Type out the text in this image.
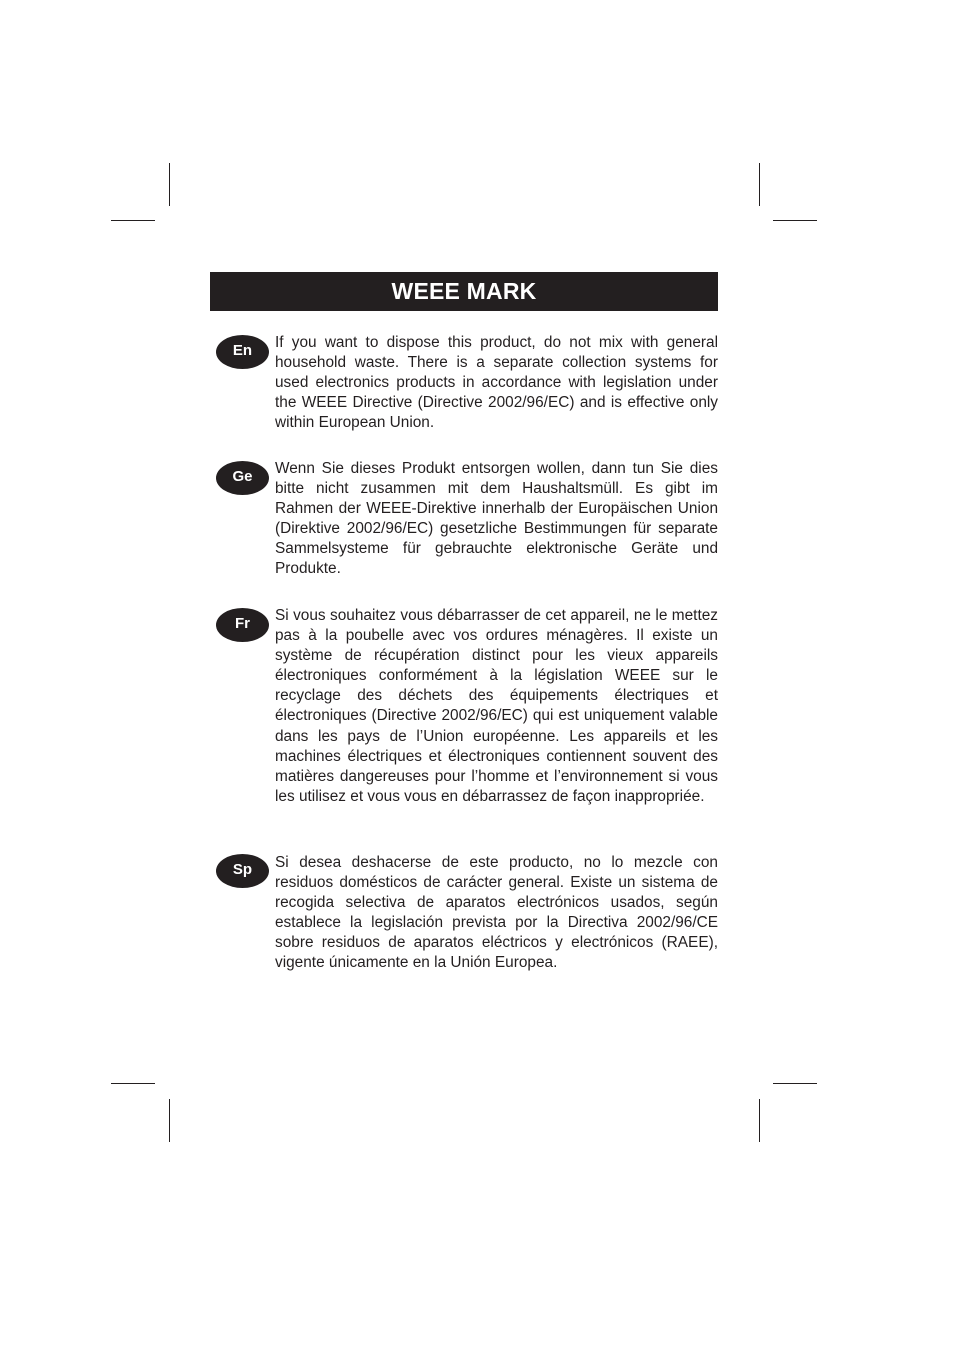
WEEE MARK
En	If you want to dispose this product, do not mix with general household waste. There is a separate collection systems for used electronics products in accordance with legislation under the WEEE Directive (Directive 2002/96/EC) and is effective only within European Union.

Ge	Wenn Sie dieses Produkt entsorgen wollen, dann tun Sie dies bitte nicht zusammen mit dem Haushaltsmüll. Es gibt im Rahmen der WEEE-Direktive innerhalb der Europäischen Union (Direktive 2002/96/EC) gesetzliche Bestimmungen für separate Sammelsysteme für gebrauchte elektronische Geräte und Produkte.

Fr	Si vous souhaitez vous débarrasser de cet appareil, ne le mettez pas à la poubelle avec vos ordures ménagères. Il existe un système de récupération distinct pour les vieux appareils électroniques conformément à la législation WEEE sur le recyclage des déchets des équipements électriques et électroniques (Directive 2002/96/EC) qui est uniquement valable dans les pays de l’Union européenne. Les appareils et les machines électriques et électroniques contiennent souvent des matières dangereuses pour l’homme et l’environnement si vous les utilisez et vous vous en débarrassez de façon inappropriée.

Sp	Si desea deshacerse de este producto, no lo mezcle con residuos domésticos de carácter general. Existe un sistema de recogida selectiva de aparatos electrónicos usados, según establece la legislación prevista por la Directiva 2002/96/CE sobre residuos de aparatos eléctricos y electrónicos (RAEE), vigente únicamente en la Unión Europea.
